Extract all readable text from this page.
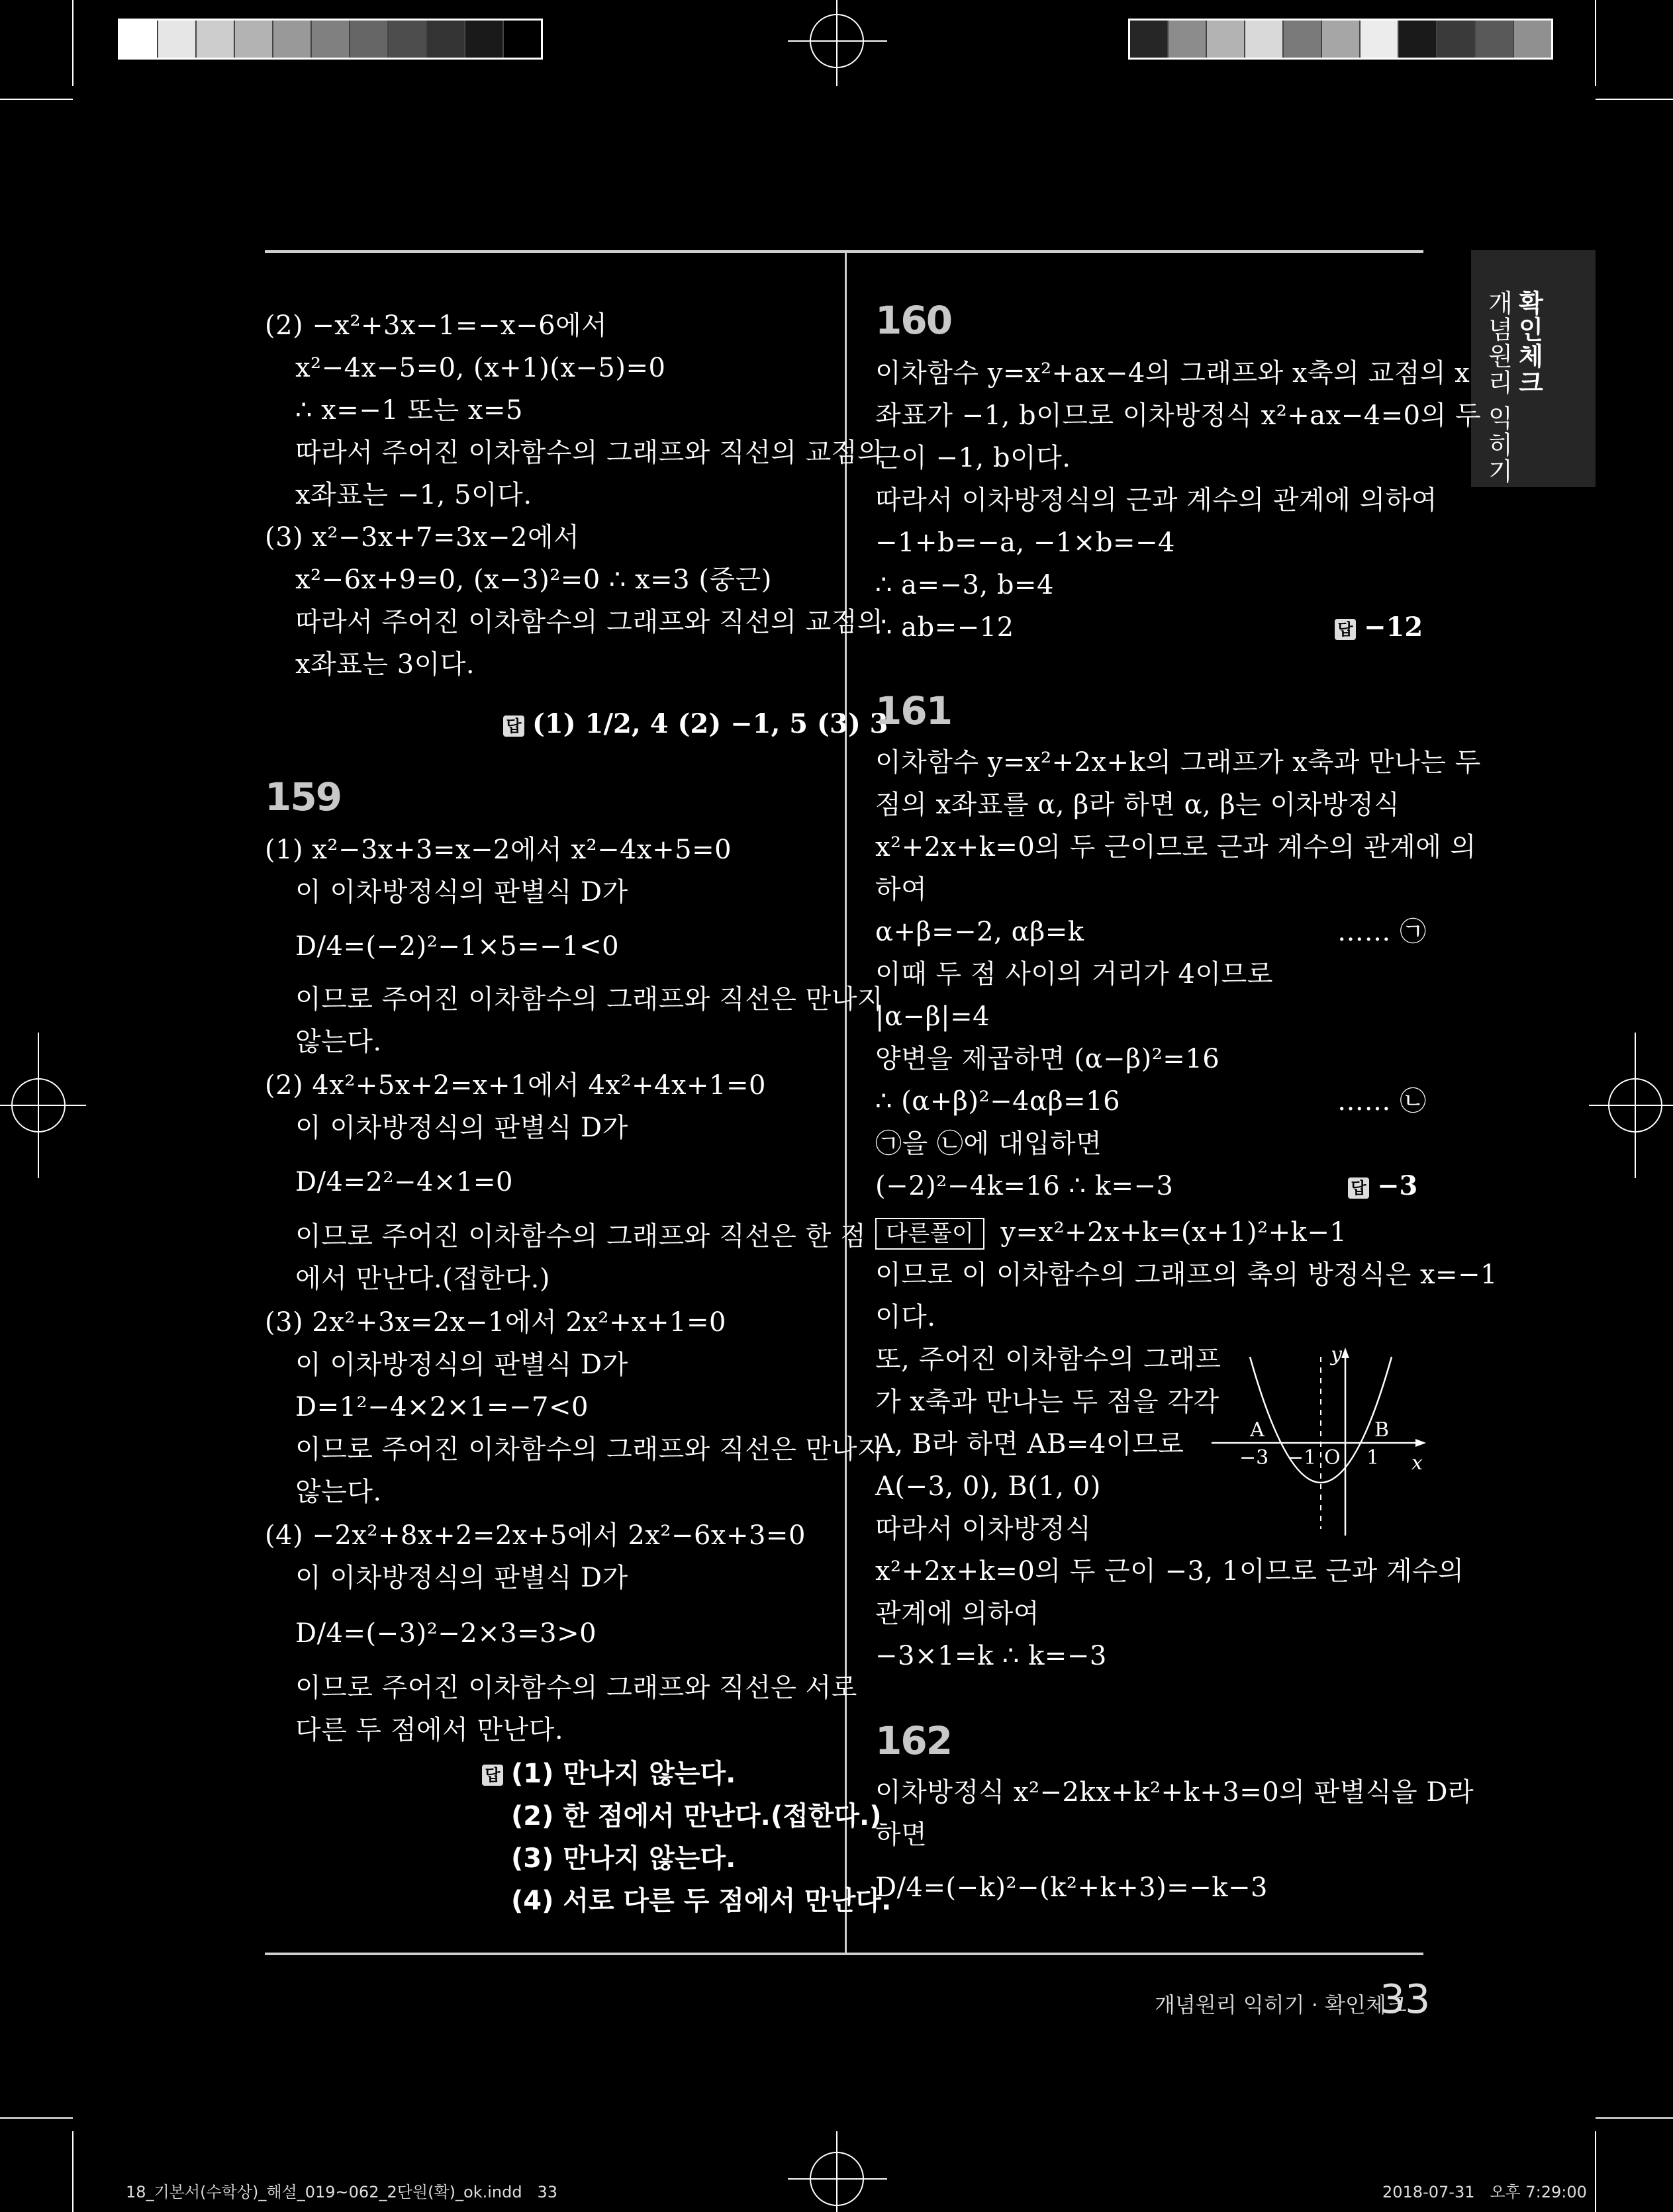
확인체크
개념원리 익히기
(2) −x²+3x−1=−x−6에서
x²−4x−5=0, (x+1)(x−5)=0
∴ x=−1 또는 x=5
따라서 주어진 이차함수의 그래프와 직선의 교점의
x좌표는 −1, 5이다.
(3) x²−3x+7=3x−2에서
x²−6x+9=0, (x−3)²=0 ∴ x=3 (중근)
따라서 주어진 이차함수의 그래프와 직선의 교점의
x좌표는 3이다.
답 (1) 1/2, 4 (2) −1, 5 (3) 3
159
(1) x²−3x+3=x−2에서 x²−4x+5=0
이 이차방정식의 판별식 D가
D/4=(−2)²−1×5=−1<0
이므로 주어진 이차함수의 그래프와 직선은 만나지
않는다.
(2) 4x²+5x+2=x+1에서 4x²+4x+1=0
이 이차방정식의 판별식 D가
D/4=2²−4×1=0
이므로 주어진 이차함수의 그래프와 직선은 한 점
에서 만난다.(접한다.)
(3) 2x²+3x=2x−1에서 2x²+x+1=0
이 이차방정식의 판별식 D가
D=1²−4×2×1=−7<0
이므로 주어진 이차함수의 그래프와 직선은 만나지
않는다.
(4) −2x²+8x+2=2x+5에서 2x²−6x+3=0
이 이차방정식의 판별식 D가
D/4=(−3)²−2×3=3>0
이므로 주어진 이차함수의 그래프와 직선은 서로
다른 두 점에서 만난다.
답 (1) 만나지 않는다.
(2) 한 점에서 만난다.(접한다.)
(3) 만나지 않는다.
(4) 서로 다른 두 점에서 만난다.
160
이차함수 y=x²+ax−4의 그래프와 x축의 교점의 x
좌표가 −1, b이므로 이차방정식 x²+ax−4=0의 두
근이 −1, b이다.
따라서 이차방정식의 근과 계수의 관계에 의하여
−1+b=−a, −1×b=−4
∴ a=−3, b=4
∴ ab=−12	답 −12
161
이차함수 y=x²+2x+k의 그래프가 x축과 만나는 두
점의 x좌표를 α, β라 하면 α, β는 이차방정식
x²+2x+k=0의 두 근이므로 근과 계수의 관계에 의
하여
α+β=−2, αβ=k	…… ㉠
이때 두 점 사이의 거리가 4이므로
|α−β|=4
양변을 제곱하면 (α−β)²=16
∴ (α+β)²−4αβ=16	…… ㉡
㉠을 ㉡에 대입하면
(−2)²−4k=16 ∴ k=−3	답 −3
다른풀이 y=x²+2x+k=(x+1)²+k−1
이므로 이 이차함수의 그래프의 축의 방정식은 x=−1
이다.
또, 주어진 이차함수의 그래프
가 x축과 만나는 두 점을 각각
A, B라 하면 AB=4이므로
A(−3, 0), B(1, 0)
따라서 이차방정식
x²+2x+k=0의 두 근이 −3, 1이므로 근과 계수의
관계에 의하여
−3×1=k ∴ k=−3
y
x
A	B
−3 −1 O 1
162
이차방정식 x²−2kx+k²+k+3=0의 판별식을 D라
하면
D/4=(−k)²−(k²+k+3)=−k−3
개념원리 익히기 · 확인체크
33
18_기본서(수학상)_해설_019~062_2단원(확)_ok.indd   33	2018-07-31   오후 7:29:00
